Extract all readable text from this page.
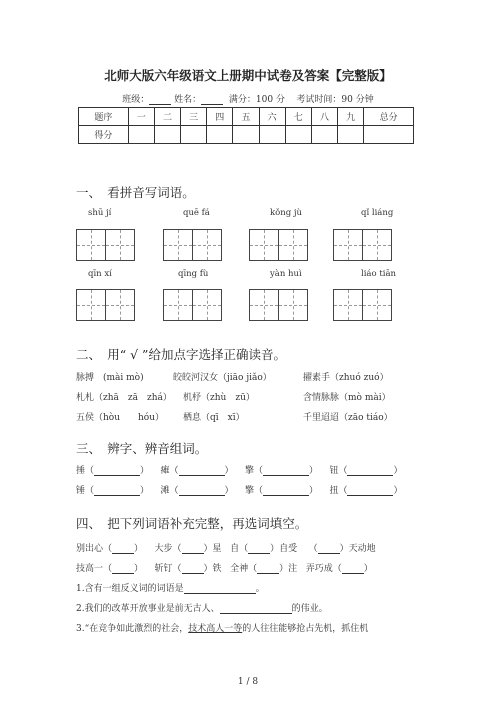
北师大版六年级语文上册期中试卷及答案【完整版】
班级：	姓名：	满分：100 分 考试时间：90 分钟
题序	一	二	三	四	五	六	七	八	九	总分
得分										
一、　看拼音写词语。
shū jí	quē fá	kǒng jù	qǐ liáng
qīn xí	qīng fù	yàn huì	liáo tiān
二、　用“ √ ”给加点字选择正确读音。
脉搏　(mài mò)	皎皎河汉女（jiāo jiǎo）	擢素手（zhuó zuó）
札札（zhā　zā　zhá） 机杼（zhù　zū）	含情脉脉（mò mài）
五侯（hòu　　hóu） 栖息（qī　xī）	千里迢迢（zāo tiáo）
三、　辨字、辨音组词。
捶（	） 瘫（	） 擎（	） 钮（	）
锤（	） 滩（	） 擎（	） 扭（	）
四、　把下列词语补充完整，再选词填空。
别出心（ ） 大步（ ）星 自（ ）自受 （ ）天动地
技高一（ ） 斩钉（ ）铁 全神（ ）注 弄巧成（ ）
1.含有一组反义词的词语是	。
2.我们的改革开放事业是前无古人、	的伟业。
3.“在竞争如此激烈的社会，技术高人一等的人往往能够抢占先机，抓住机
1 / 8
